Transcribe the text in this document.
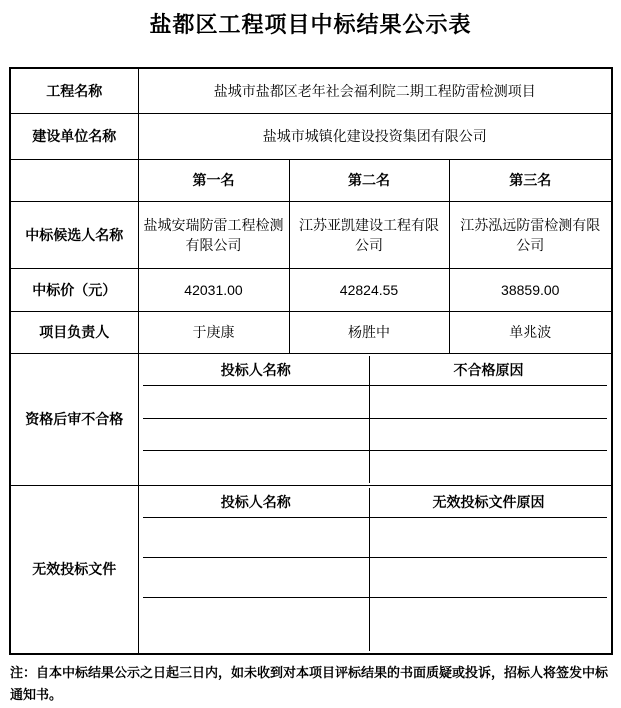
盐都区工程项目中标结果公示表
工程名称	盐城市盐都区老年社会福利院二期工程防雷检测项目
建设单位名称	盐城市城镇化建设投资集团有限公司
	第一名	第二名	第三名
中标候选人名称	盐城安瑞防雷工程检测有限公司	江苏亚凯建设工程有限公司	江苏泓远防雷检测有限公司
中标价（元）	42031.00	42824.55	38859.00
项目负责人	于庚康	杨胜中	单兆波
资格后审不合格	
投标人名称	不合格原因

无效投标文件	
投标人名称	无效投标文件原因

注：自本中标结果公示之日起三日内，如未收到对本项目评标结果的书面质疑或投诉，招标人将签发中标通知书。
